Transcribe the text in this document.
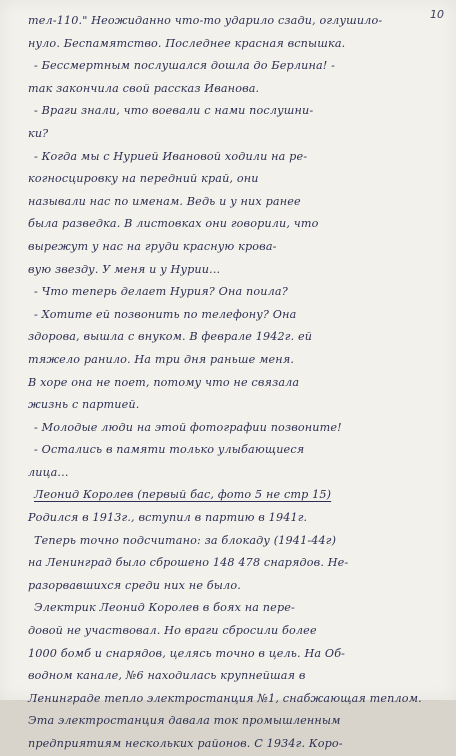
10
тел-110." Неожиданно что-то ударило сзади, оглушило-
нуло. Беспамятство. Последнее красная вспышка.
- Бессмертным послушался дошла до Берлина! -
так закончила свой рассказ Иванова.
- Враги знали, что воевали с нами послушни-
ки?
- Когда мы с Нурией Ивановой ходили на ре-
когносцировку на передний край, они
называли нас по именам. Ведь и у них ранее
была разведка. В листовках они говорили, что
вырежут у нас на груди красную кровa-
вую звезду. У меня и у Нурии...
- Что теперь делает Нурия? Она поила?
- Хотите ей позвонить по телефону? Она
здорова, вышла с внуком. В феврале 1942г. ей
тяжело ранило. На три дня раньше меня.
В хоре она не поет, потому что не связала
жизнь с партией.
- Молодые люди на этой фотографии позвоните!
- Остались в памяти только улыбающиеся
лица...
Леонид Королев (первый бас, фото 5 не стр 15)
Родился в 1913г., вступил в партию в 1941г.
Теперь точно подсчитано: за блокаду (1941-44г)
на Ленинград было сброшено 148 478 снарядов. Не-
разорвавшихся среди них не было.
Электрик Леонид Королев в боях на пере-
довой не участвовал. Но враги сбросили более
1000 бомб и снарядов, целясь точно в цель. На Об-
водном канале, №6 находилась крупнейшая в
Ленинграде тепло электростанция №1, снабжающая теплом.
Эта электростанция давала ток промышленным
предприятиям нескольких районов. С 1934г. Коро-
